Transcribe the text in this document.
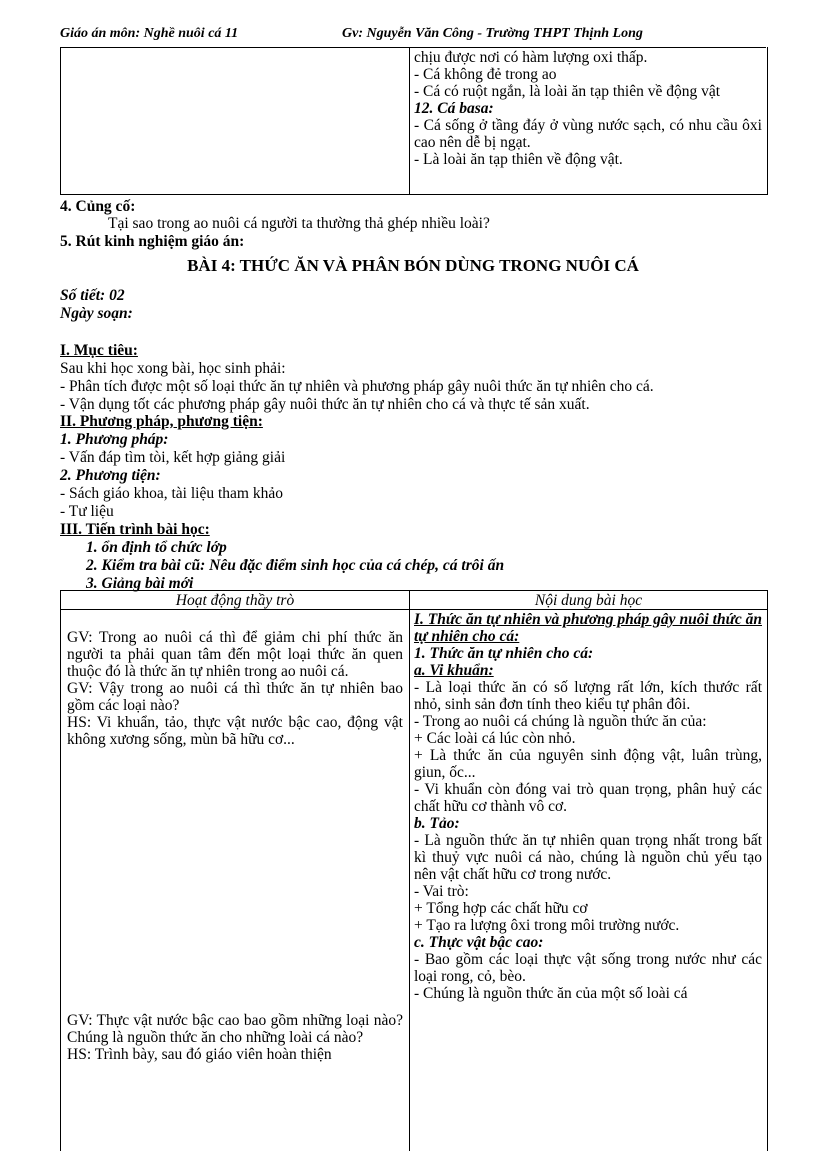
Giáo án môn: Nghề nuôi cá 11	Gv: Nguyễn Văn Công - Trường THPT Thịnh Long

chịu được nơi có hàm lượng oxi thấp.

- Cá không đẻ trong ao

- Cá có ruột ngắn, là loài ăn tạp thiên về động vật

12. Cá basa:

- Cá sống ở tầng đáy ở vùng nước sạch, có nhu cầu ôxi cao nên dễ bị ngạt.

- Là loài ăn tạp thiên về động vật.

4. Củng cố:
Tại sao trong ao nuôi cá người ta thường thả ghép nhiều loài?
5. Rút kinh nghiệm giáo án:
BÀI 4: THỨC ĂN VÀ PHÂN BÓN DÙNG TRONG NUÔI CÁ
Số tiết: 02
Ngày soạn:
I. Mục tiêu:
Sau khi học xong bài, học sinh phải:
- Phân tích được một số loại thức ăn tự nhiên và phương pháp gây nuôi thức ăn tự nhiên cho cá.
- Vận dụng tốt các phương pháp gây nuôi thức ăn tự nhiên cho cá và thực tế sản xuất.
II. Phương pháp, phương tiện:
1. Phương pháp:
- Vấn đáp tìm tòi, kết hợp giảng giải
2. Phương tiện:
- Sách giáo khoa, tài liệu tham khảo
- Tư liệu
III. Tiến trình bài học:
1. ổn định tổ chức lớp
2. Kiểm tra bài cũ: Nêu đặc điểm sinh học của cá chép, cá trôi ấn
3. Giảng bài mới
Hoạt động thầy trò	Nội dung bài học

GV: Trong ao nuôi cá thì để giảm chi phí thức ăn người ta phải quan tâm đến một loại thức ăn quen thuộc đó là thức ăn tự nhiên trong ao nuôi cá.

GV: Vậy trong ao nuôi cá thì thức ăn tự nhiên bao gồm các loại nào?

HS: Vi khuẩn, tảo, thực vật nước bậc cao, động vật không xương sống, mùn bã hữu cơ...

GV: Thực vật nước bậc cao bao gồm những loại nào? Chúng là nguồn thức ăn cho những loài cá nào?

HS: Trình bày, sau đó giáo viên hoàn thiện

I. Thức ăn tự nhiên và phương pháp gây nuôi thức ăn tự nhiên cho cá:

1. Thức ăn tự nhiên cho cá:

a. Vi khuẩn:

- Là loại thức ăn có số lượng rất lớn, kích thước rất nhỏ, sinh sản đơn tính theo kiểu tự phân đôi.

- Trong ao nuôi cá chúng là nguồn thức ăn của:

+ Các loài cá lúc còn nhỏ.

+ Là thức ăn của nguyên sinh động vật, luân trùng, giun, ốc...

- Vi khuẩn còn đóng vai trò quan trọng, phân huỷ các chất hữu cơ thành vô cơ.

b. Tảo:

- Là nguồn thức ăn tự nhiên quan trọng nhất trong bất kì thuỷ vực nuôi cá nào, chúng là nguồn chủ yếu tạo nên vật chất hữu cơ trong nước.

- Vai trò:

+ Tổng hợp các chất hữu cơ

+ Tạo ra lượng ôxi trong môi trường nước.

c. Thực vật bậc cao:

- Bao gồm các loại thực vật sống trong nước như các loại rong, cỏ, bèo.

- Chúng là nguồn thức ăn của một số loài cá
